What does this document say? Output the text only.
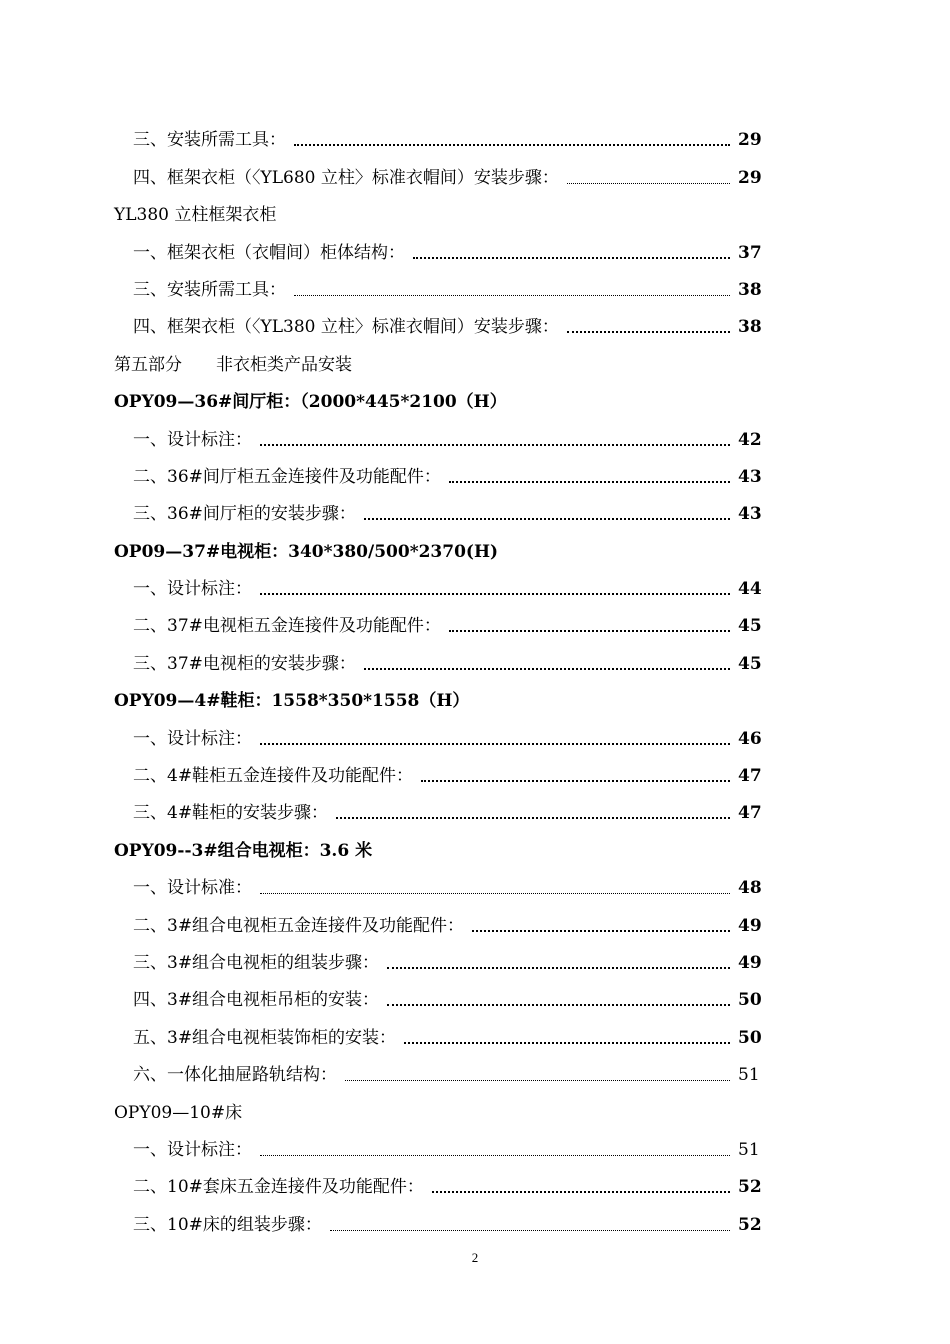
三、安装所需工具：	29
四、框架衣柜（〈YL680 立柱〉标准衣帽间）安装步骤：	29
YL380 立柱框架衣柜
一、框架衣柜（衣帽间）柜体结构：	37
三、安装所需工具：	38
四、框架衣柜（〈YL380 立柱〉标准衣帽间）安装步骤：	38
第五部分　　非衣柜类产品安装
OPY09—36#间厅柜：（2000*445*2100（H）
一、设计标注：	42
二、36#间厅柜五金连接件及功能配件：	43
三、36#间厅柜的安装步骤：	43
OP09—37#电视柜：340*380/500*2370(H)
一、设计标注：	44
二、37#电视柜五金连接件及功能配件：	45
三、37#电视柜的安装步骤：	45
OPY09—4#鞋柜：1558*350*1558（H）
一、设计标注：	46
二、4#鞋柜五金连接件及功能配件：	47
三、4#鞋柜的安装步骤：	47
OPY09--3#组合电视柜：3.6 米
一、设计标准：	48
二、3#组合电视柜五金连接件及功能配件：	49
三、3#组合电视柜的组装步骤：	49
四、3#组合电视柜吊柜的安装：	50
五、3#组合电视柜装饰柜的安装：	50
六、一体化抽屉路轨结构：	51
OPY09—10#床
一、设计标注：	51
二、10#套床五金连接件及功能配件：	52
三、10#床的组装步骤：	52
2
